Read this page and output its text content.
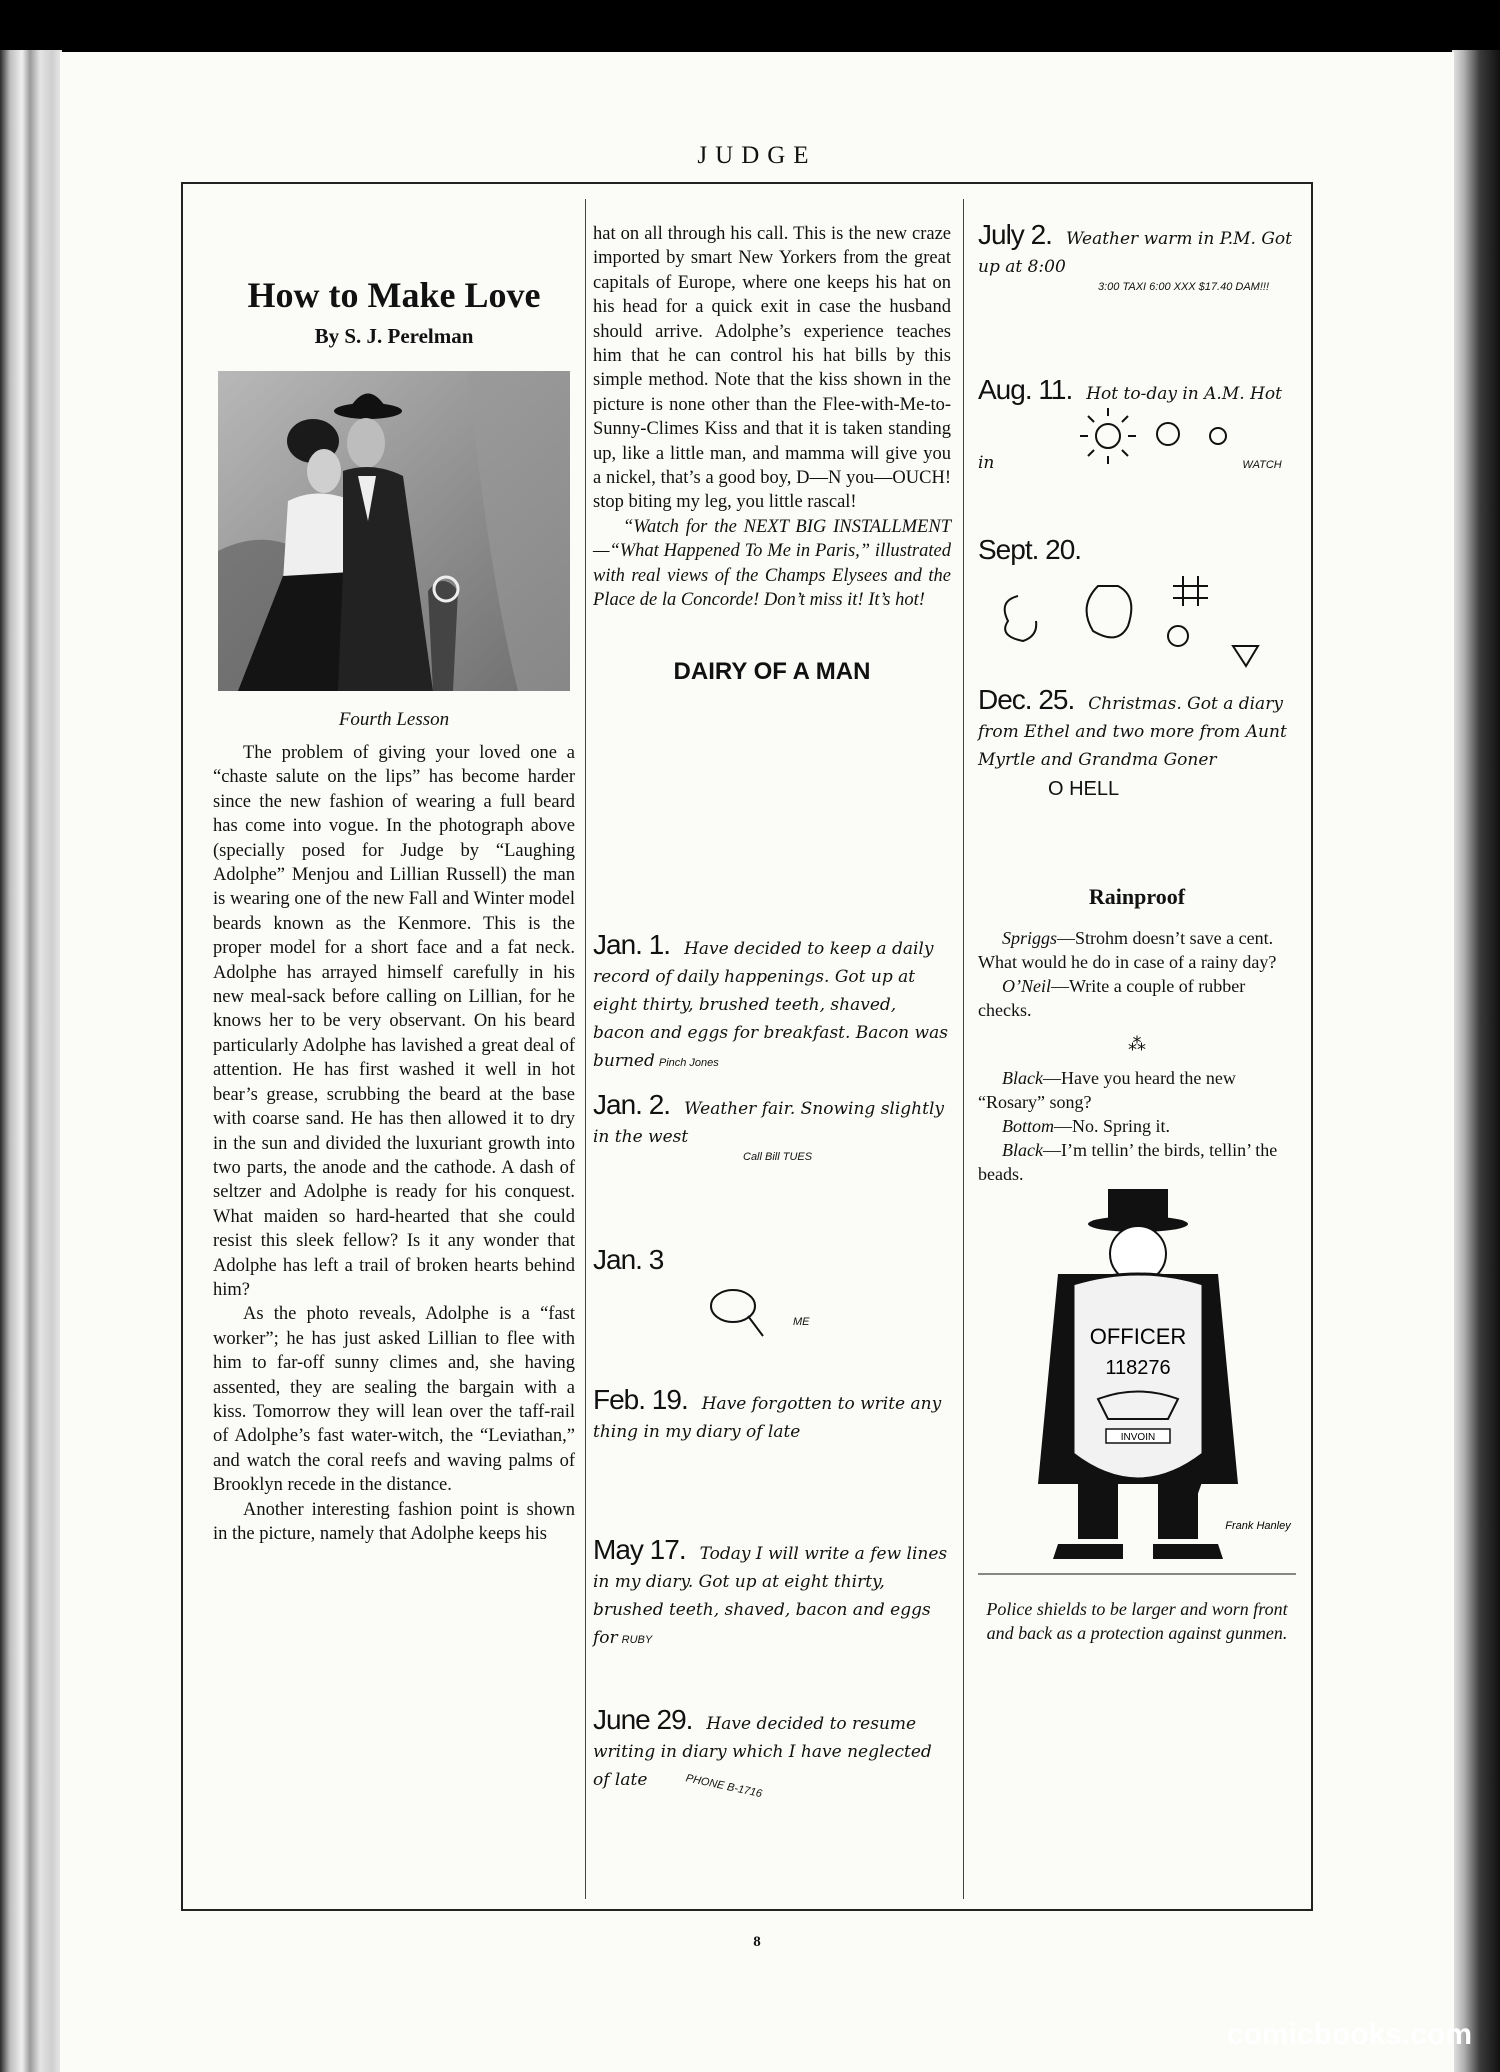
JUDGE
How to Make Love
By S. J. Perelman
Fourth Lesson

The problem of giving your loved one a “chaste salute on the lips” has become harder since the new fashion of wearing a full beard has come into vogue. In the photograph above (specially posed for Judge by “Laughing Adolphe” Menjou and Lillian Russell) the man is wearing one of the new Fall and Winter model beards known as the Kenmore. This is the proper model for a short face and a fat neck. Adolphe has arrayed himself carefully in his new meal-sack before calling on Lillian, for he knows her to be very observant. On his beard particularly Adolphe has lavished a great deal of attention. He has first washed it well in hot bear’s grease, scrubbing the beard at the base with coarse sand. He has then allowed it to dry in the sun and divided the luxuriant growth into two parts, the anode and the cathode. A dash of seltzer and Adolphe is ready for his conquest. What maiden so hard-hearted that she could resist this sleek fellow? Is it any wonder that Adolphe has left a trail of broken hearts behind him?

As the photo reveals, Adolphe is a “fast worker”; he has just asked Lillian to flee with him to far-off sunny climes and, she having assented, they are sealing the bargain with a kiss. Tomorrow they will lean over the taff-rail of Adolphe’s fast water-witch, the “Leviathan,” and watch the coral reefs and waving palms of Brooklyn recede in the distance.

Another interesting fashion point is shown in the picture, namely that Adolphe keeps his

hat on all through his call. This is the new craze imported by smart New Yorkers from the great capitals of Europe, where one keeps his hat on his head for a quick exit in case the husband should arrive. Adolphe’s experience teaches him that he can control his hat bills by this simple method. Note that the kiss shown in the picture is none other than the Flee-with-Me-to-Sunny-Climes Kiss and that it is taken standing up, like a little man, and mamma will give you a nickel, that’s a good boy, D—N you—OUCH! stop biting my leg, you little rascal!

“Watch for the NEXT BIG INSTALLMENT—“What Happened To Me in Paris,” illustrated with real views of the Champs Elysees and the Place de la Concorde! Don’t miss it! It’s hot!

DAIRY OF A MAN
Jan. 1. Have decided to keep a daily record of daily happenings. Got up at eight thirty, brushed teeth, shaved, bacon and eggs for breakfast. Bacon was burned Pinch Jones
Jan. 2. Weather fair. Snowing slightly in the west
Call Bill TUES
Jan. 3
ME
Feb. 19. Have forgotten to write any thing in my diary of late
May 17. Today I will write a few lines in my diary. Got up at eight thirty, brushed teeth, shaved, bacon and eggs for RUBY
June 29. Have decided to resume writing in diary which I have neglected of late	PHONE B-1716
July 2. Weather warm in P.M. Got up at 8:00
3:00 TAXI 6:00 XXX $17.40 DAM!!!
Aug. 11. Hot to-day in A.M. Hot in	WATCH
Sept. 20.
Dec. 25. Christmas. Got a diary from Ethel and two more from Aunt Myrtle and Grandma Goner
O HELL
Rainproof

Spriggs—Strohm doesn’t save a cent. What would he do in case of a rainy day?

O’Neil—Write a couple of rubber checks.

⁂

Black—Have you heard the new “Rosary” song?

Bottom—No. Spring it.

Black—I’m tellin’ the birds, tellin’ the beads.

OFFICER
118276
INVOIN
Frank Hanley
Police shields to be larger and worn front and back as a protection against gunmen.
8
comicbooks.com
